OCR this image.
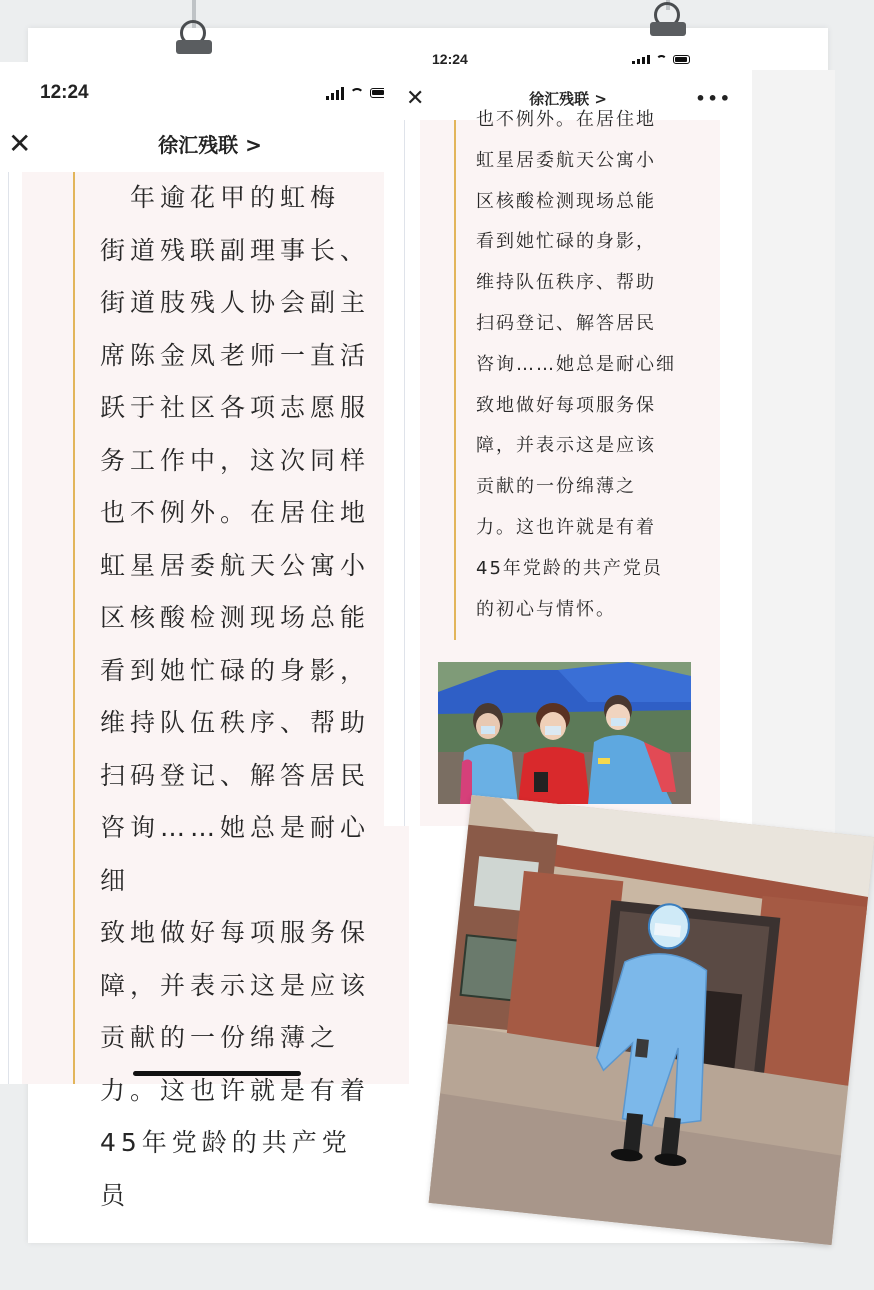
12:24
✕	徐汇残联 >

　年逾花甲的虹梅

街道残联副理事长、

街道肢残人协会副主

席陈金凤老师一直活

跃于社区各项志愿服

务工作中，这次同样

也不例外。在居住地

虹星居委航天公寓小

区核酸检测现场总能

看到她忙碌的身影，

维持队伍秩序、帮助

扫码登记、解答居民

咨询……她总是耐心细

致地做好每项服务保

障，并表示这是应该

贡献的一份绵薄之

力。这也许就是有着

45年党龄的共产党员

12:24
✕	徐汇残联 >	•••

也不例外。在居住地

虹星居委航天公寓小

区核酸检测现场总能

看到她忙碌的身影，

维持队伍秩序、帮助

扫码登记、解答居民

咨询……她总是耐心细

致地做好每项服务保

障，并表示这是应该

贡献的一份绵薄之

力。这也许就是有着

45年党龄的共产党员

的初心与情怀。
